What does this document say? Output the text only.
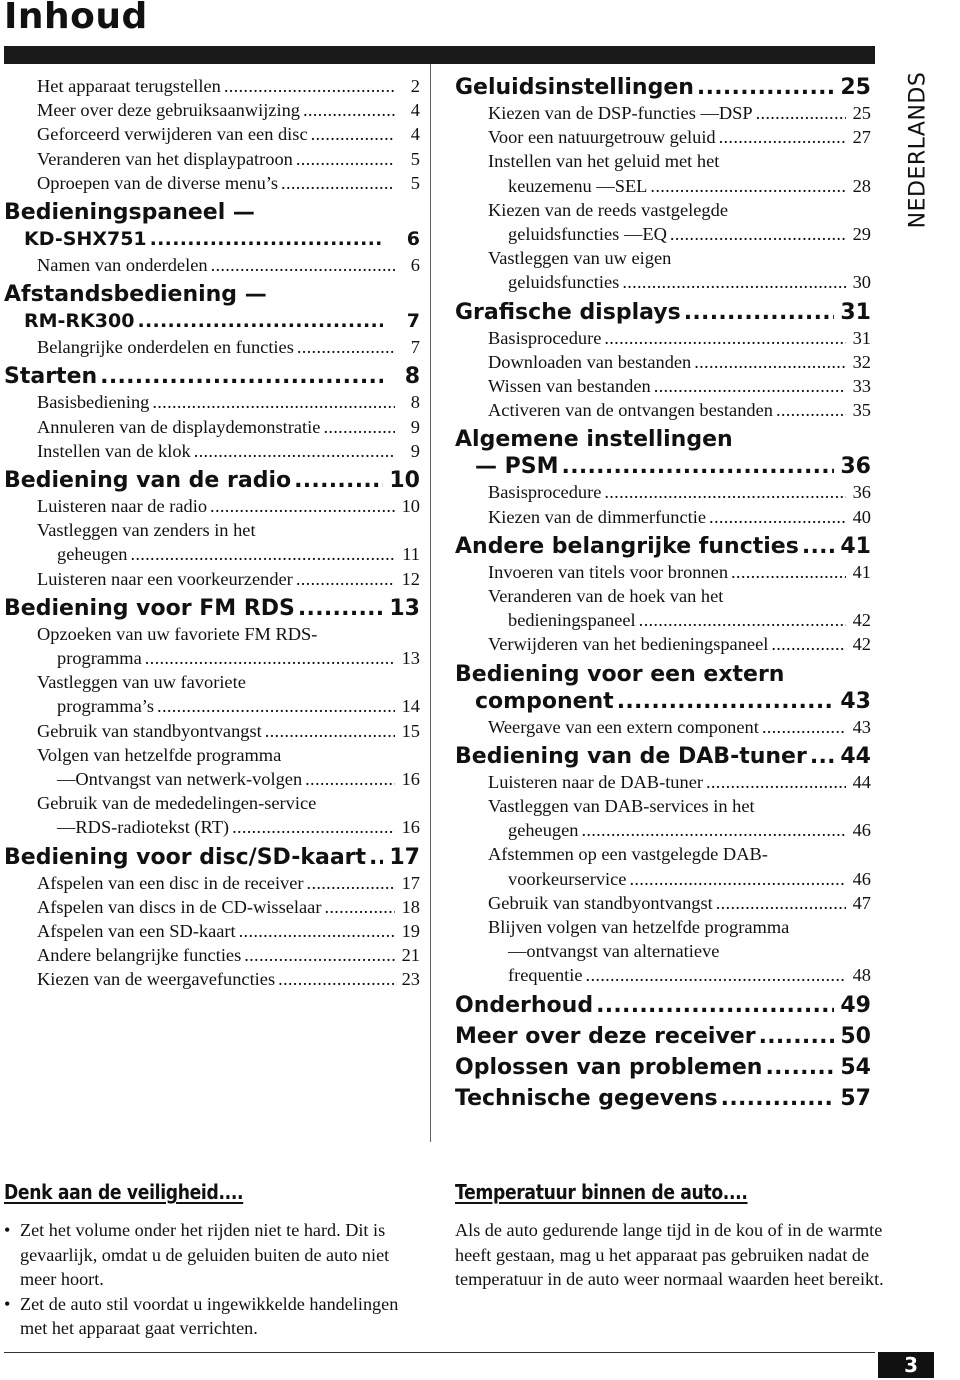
Inhoud
NEDERLANDS
Het apparaat terugstellen .....	2
Meer over deze gebruiksaanwijzing .....	4
Geforceerd verwijderen van een disc .....	4
Veranderen van het displaypatroon .....	5
Oproepen van de diverse menu’s .....	5
Bedieningspaneel —
KD-SHX751 .....	6
Namen van onderdelen .....	6
Afstandsbediening —
RM-RK300 .....	7
Belangrijke onderdelen en functies .....	7
Starten .....	8
Basisbediening .....	8
Annuleren van de displaydemonstratie .....	9
Instellen van de klok .....	9
Bediening van de radio .....	10
Luisteren naar de radio .....	10
Vastleggen van zenders in het
geheugen .....	11
Luisteren naar een voorkeurzender .....	12
Bediening voor FM RDS .....	13
Opzoeken van uw favoriete FM RDS-
programma .....	13
Vastleggen van uw favoriete
programma’s .....	14
Gebruik van standbyontvangst .....	15
Volgen van hetzelfde programma
—Ontvangst van netwerk-volgen .....	16
Gebruik van de mededelingen-service
—RDS-radiotekst (RT) .....	16
Bediening voor disc/SD-kaart ..... 17
Afspelen van een disc in de receiver .....	17
Afspelen van discs in de CD-wisselaar .....	18
Afspelen van een SD-kaart .....	19
Andere belangrijke functies .....	21
Kiezen van de weergavefuncties .....	23
Geluidsinstellingen .....	25
Kiezen van de DSP-functies —DSP .....	25
Voor een natuurgetrouw geluid .....	27
Instellen van het geluid met het
keuzemenu —SEL .....	28
Kiezen van de reeds vastgelegde
geluidsfuncties —EQ .....	29
Vastleggen van uw eigen
geluidsfuncties .....	30
Grafische displays .....	31
Basisprocedure .....	31
Downloaden van bestanden .....	32
Wissen van bestanden .....	33
Activeren van de ontvangen bestanden .....	35
Algemene instellingen
— PSM .....	36
Basisprocedure .....	36
Kiezen van de dimmerfunctie .....	40
Andere belangrijke functies ..... 41
Invoeren van titels voor bronnen .....	41
Veranderen van de hoek van het
bedieningspaneel .....	42
Verwijderen van het bedieningspaneel .....	42
Bediening voor een extern
component .....	43
Weergave van een extern component .....	43
Bediening van de DAB-tuner ..... 44
Luisteren naar de DAB-tuner .....	44
Vastleggen van DAB-services in het
geheugen .....	46
Afstemmen op een vastgelegde DAB-
voorkeurservice .....	46
Gebruik van standbyontvangst .....	47
Blijven volgen van hetzelfde programma
—ontvangst van alternatieve
frequentie .....	48
Onderhoud .....	49
Meer over deze receiver .....	50
Oplossen van problemen .....	54
Technische gegevens .....	57
Denk aan de veiligheid....
• Zet het volume onder het rijden niet te hard. Dit is gevaarlijk, omdat u de geluiden buiten de auto niet meer hoort.
• Zet de auto stil voordat u ingewikkelde handelingen met het apparaat gaat verrichten.
Temperatuur binnen de auto....
Als de auto gedurende lange tijd in de kou of in de warmte heeft gestaan, mag u het apparaat pas gebruiken nadat de temperatuur in de auto weer normaal waarden heet bereikt.
3
